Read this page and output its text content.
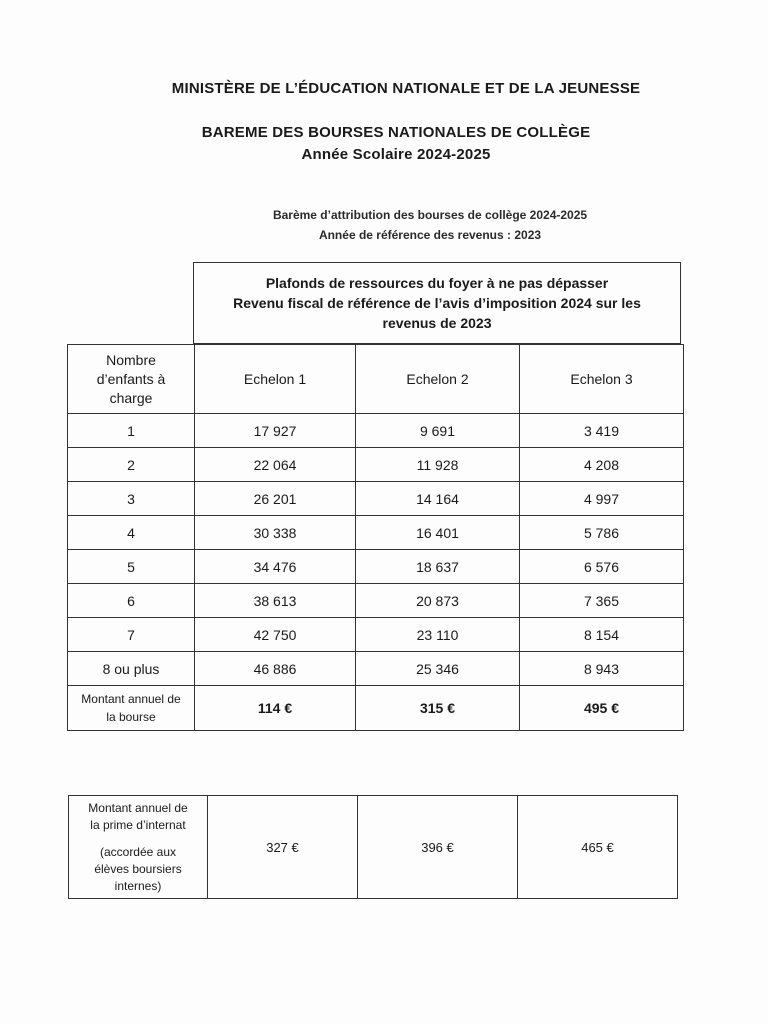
MINISTÈRE DE L’ÉDUCATION NATIONALE ET DE LA JEUNESSE
BAREME DES BOURSES NATIONALES DE COLLÈGE
Année Scolaire 2024-2025
Barème d’attribution des bourses de collège 2024-2025
Année de référence des revenus : 2023
Plafonds de ressources du foyer à ne pas dépasser
Revenu fiscal de référence de l’avis d’imposition 2024 sur les
revenus de 2023
Nombre
d’enfants à
charge	Echelon 1	Echelon 2	Echelon 3
1	17 927	9 691	3 419
2	22 064	11 928	4 208
3	26 201	14 164	4 997
4	30 338	16 401	5 786
5	34 476	18 637	6 576
6	38 613	20 873	7 365
7	42 750	23 110	8 154
8 ou plus	46 886	25 346	8 943

Montant annuel de
la bourse	114 €	315 €	495 €
Montant annuel de
la prime d’internat
(accordée aux
élèves boursiers
internes)
	327 €	396 €	465 €
